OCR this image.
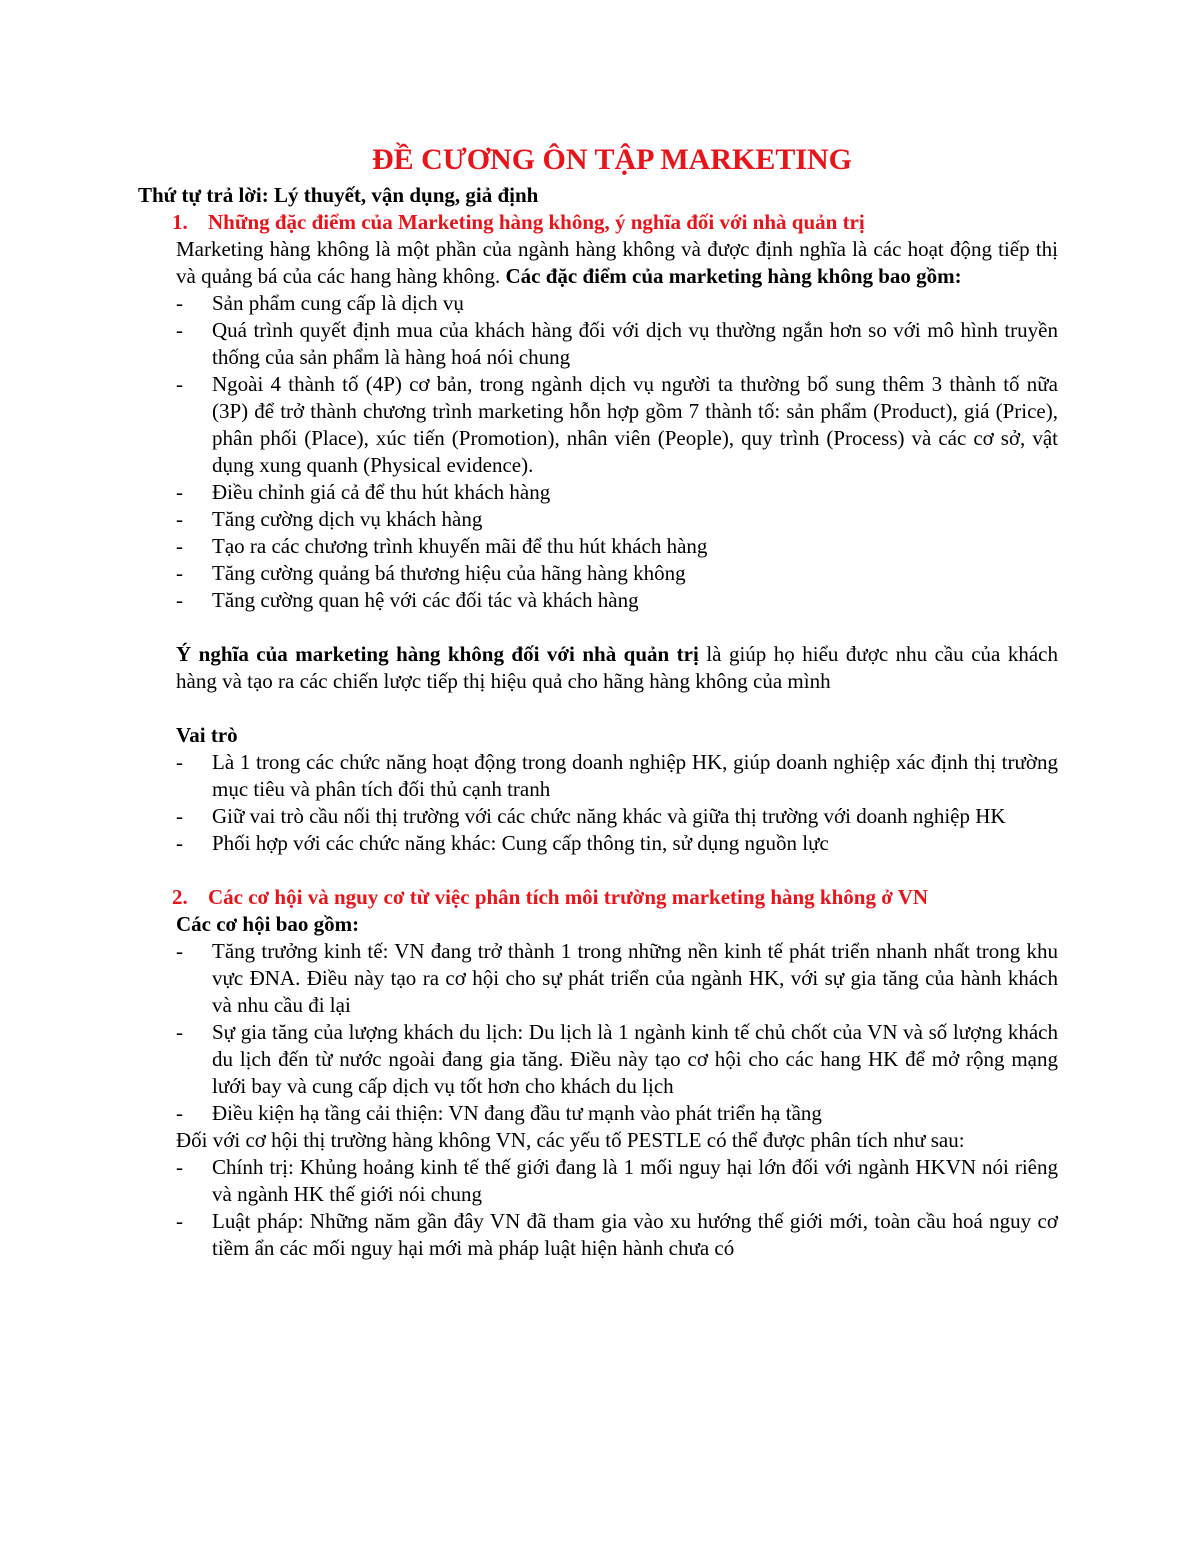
ĐỀ CƯƠNG ÔN TẬP MARKETING
Thứ tự trả lời: Lý thuyết, vận dụng, giả định
1. Những đặc điểm của Marketing hàng không, ý nghĩa đối với nhà quản trị

Marketing hàng không là một phần của ngành hàng không và được định nghĩa là các hoạt động tiếp thị và quảng bá của các hang hàng không. Các đặc điểm của marketing hàng không bao gồm:

- Sản phẩm cung cấp là dịch vụ
- Quá trình quyết định mua của khách hàng đối với dịch vụ thường ngắn hơn so với mô hình truyền thống của sản phẩm là hàng hoá nói chung
- Ngoài 4 thành tố (4P) cơ bản, trong ngành dịch vụ người ta thường bổ sung thêm 3 thành tố nữa (3P) để trở thành chương trình marketing hỗn hợp gồm 7 thành tố: sản phẩm (Product), giá (Price), phân phối (Place), xúc tiến (Promotion), nhân viên (People), quy trình (Process) và các cơ sở, vật dụng xung quanh (Physical evidence).
- Điều chỉnh giá cả để thu hút khách hàng
- Tăng cường dịch vụ khách hàng
- Tạo ra các chương trình khuyến mãi để thu hút khách hàng
- Tăng cường quảng bá thương hiệu của hãng hàng không
- Tăng cường quan hệ với các đối tác và khách hàng

Ý nghĩa của marketing hàng không đối với nhà quản trị là giúp họ hiểu được nhu cầu của khách hàng và tạo ra các chiến lược tiếp thị hiệu quả cho hãng hàng không của mình

Vai trò
- Là 1 trong các chức năng hoạt động trong doanh nghiệp HK, giúp doanh nghiệp xác định thị trường mục tiêu và phân tích đối thủ cạnh tranh
- Giữ vai trò cầu nối thị trường với các chức năng khác và giữa thị trường với doanh nghiệp HK
- Phối hợp với các chức năng khác: Cung cấp thông tin, sử dụng nguồn lực
2. Các cơ hội và nguy cơ từ việc phân tích môi trường marketing hàng không ở VN
Các cơ hội bao gồm:
- Tăng trưởng kinh tế: VN đang trở thành 1 trong những nền kinh tế phát triển nhanh nhất trong khu vực ĐNA. Điều này tạo ra cơ hội cho sự phát triển của ngành HK, với sự gia tăng của hành khách và nhu cầu đi lại
- Sự gia tăng của lượng khách du lịch: Du lịch là 1 ngành kinh tế chủ chốt của VN và số lượng khách du lịch đến từ nước ngoài đang gia tăng. Điều này tạo cơ hội cho các hang HK để mở rộng mạng lưới bay và cung cấp dịch vụ tốt hơn cho khách du lịch
- Điều kiện hạ tầng cải thiện: VN đang đầu tư mạnh vào phát triển hạ tầng

Đối với cơ hội thị trường hàng không VN, các yếu tố PESTLE có thể được phân tích như sau:

- Chính trị: Khủng hoảng kinh tế thế giới đang là 1 mối nguy hại lớn đối với ngành HKVN nói riêng và ngành HK thế giới nói chung
- Luật pháp: Những năm gần đây VN đã tham gia vào xu hướng thế giới mới, toàn cầu hoá nguy cơ tiềm ẩn các mối nguy hại mới mà pháp luật hiện hành chưa có
